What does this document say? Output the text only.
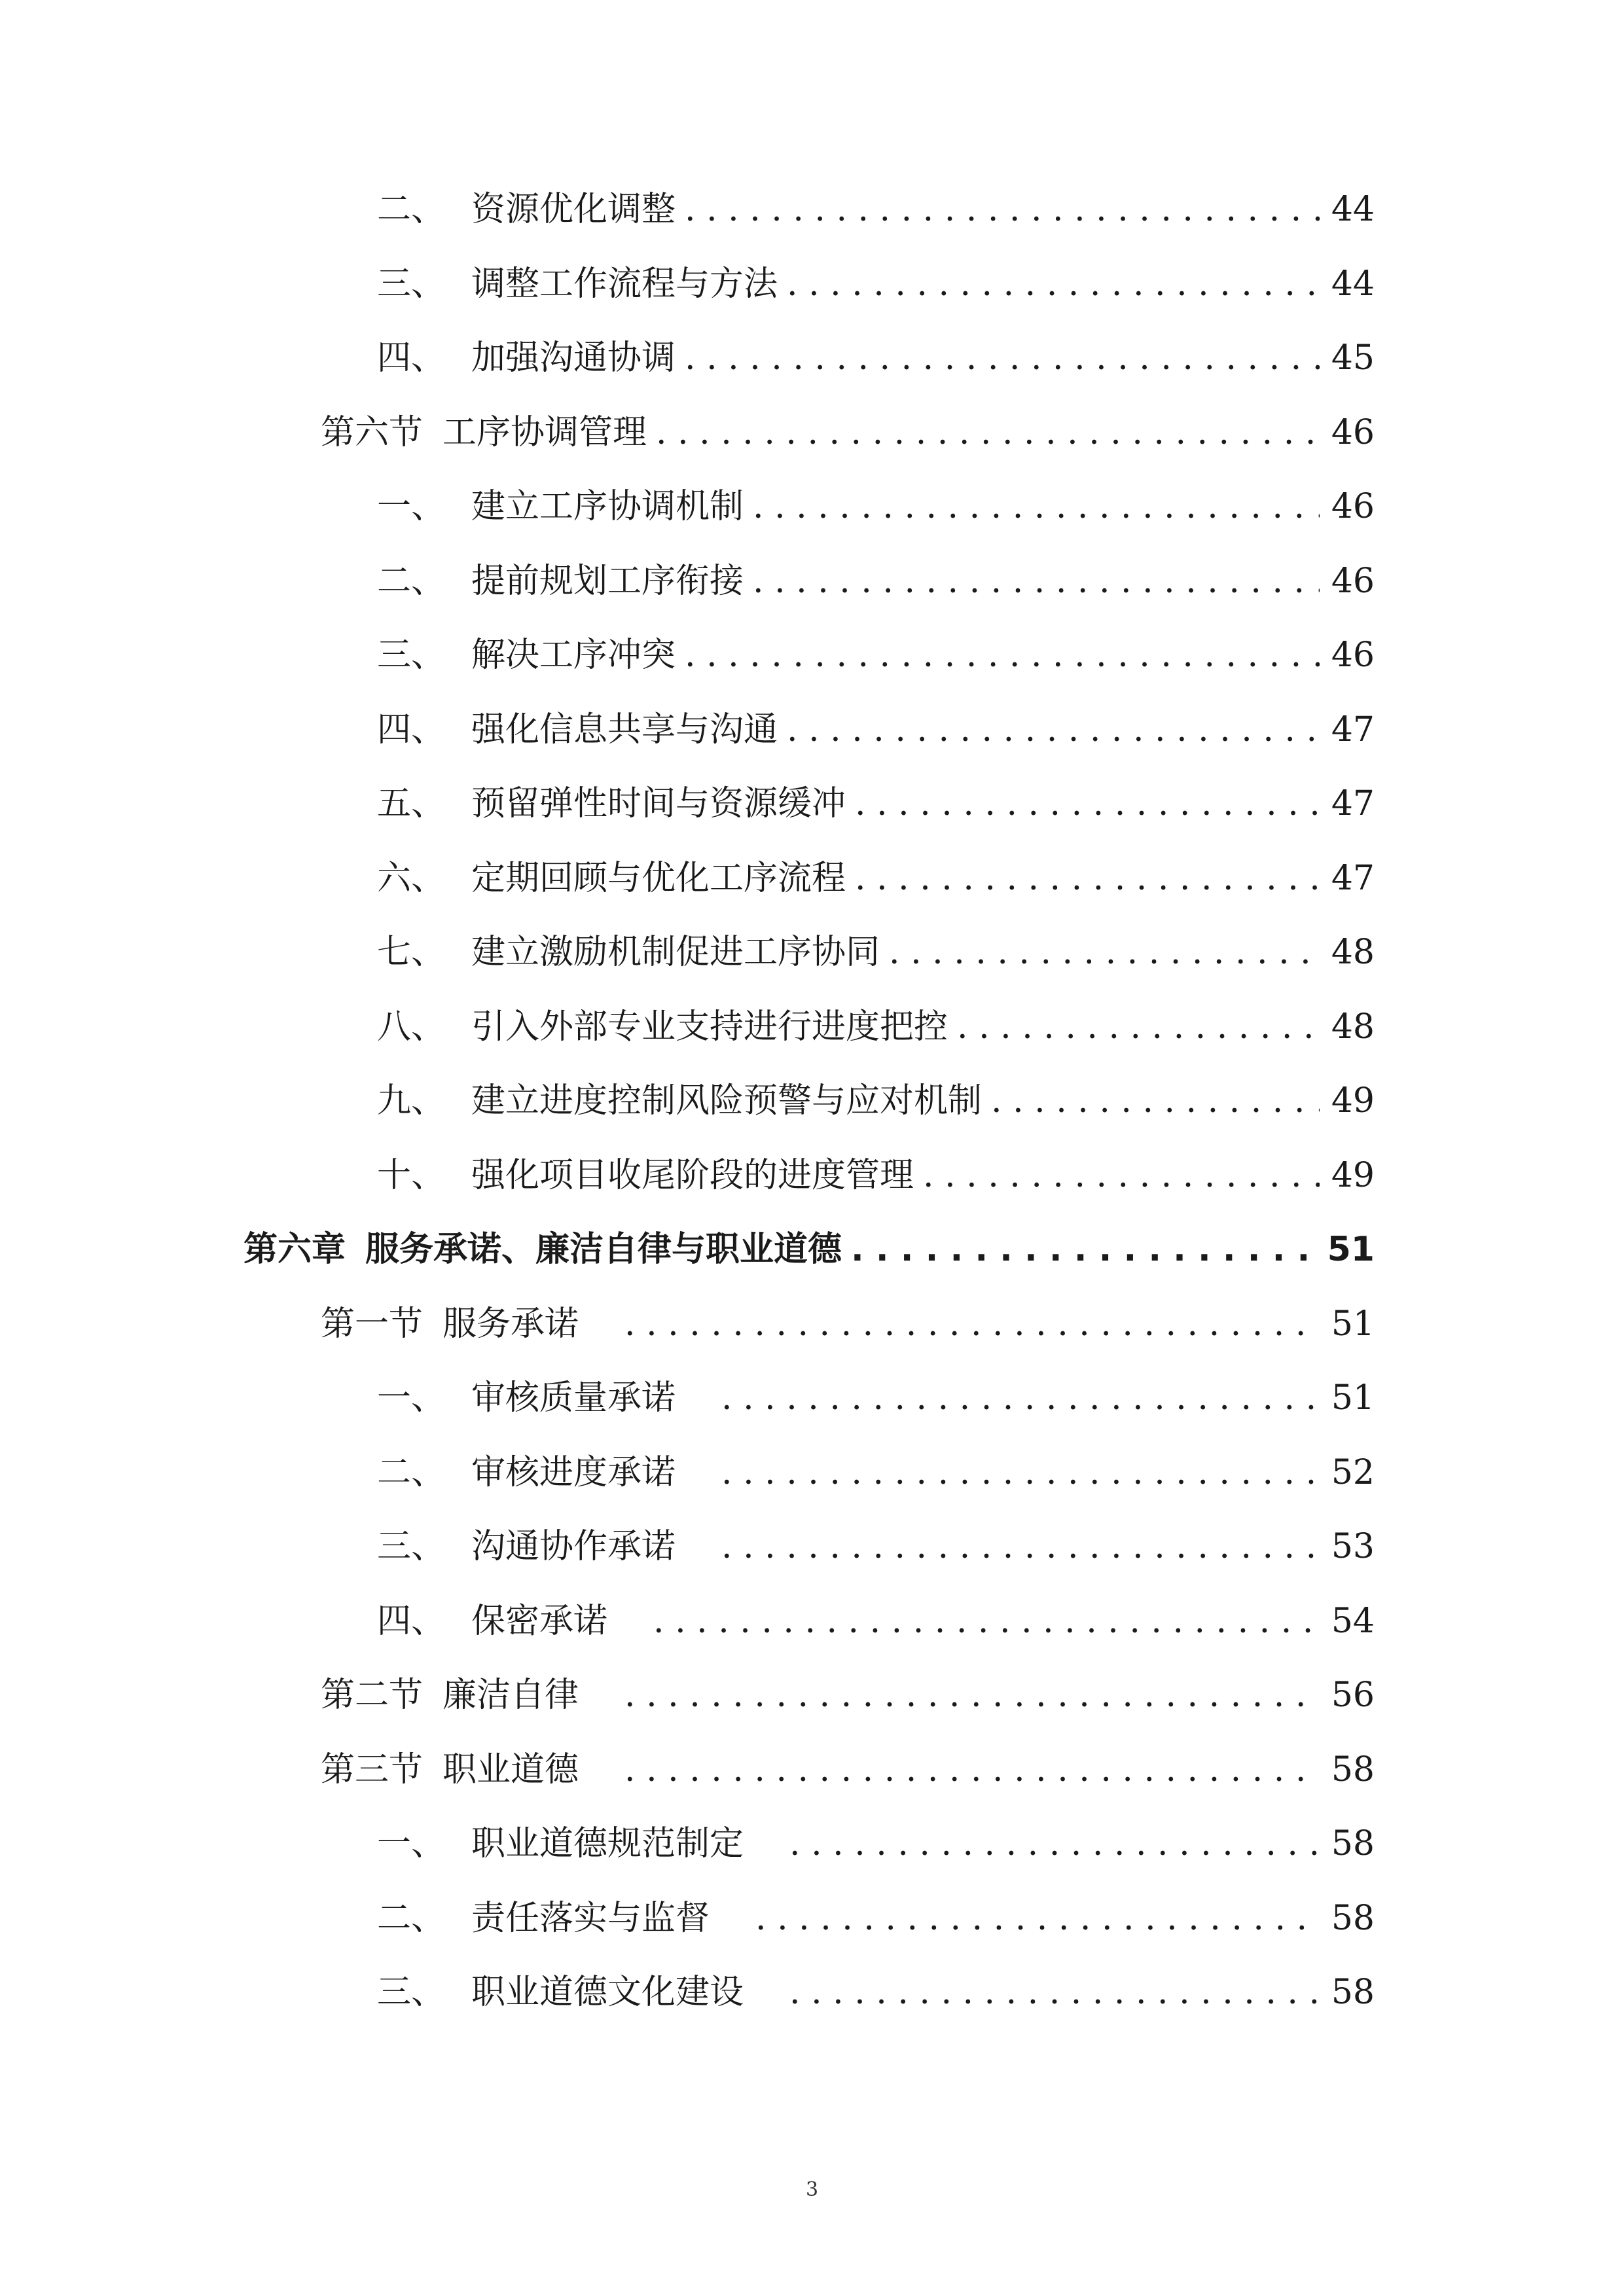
二、 资源优化调整 . . .	44
三、 调整工作流程与方法 . . .	44
四、 加强沟通协调 . . .	45
第六节 工序协调管理 . . .	46
一、 建立工序协调机制 . . .	46
二、 提前规划工序衔接 . . .	46
三、 解决工序冲突 . . .	46
四、 强化信息共享与沟通 . . .	47
五、 预留弹性时间与资源缓冲 . . .	47
六、 定期回顾与优化工序流程 . . .	47
七、 建立激励机制促进工序协同 . . .	48
八、 引入外部专业支持进行进度把控 . . .	48
九、 建立进度控制风险预警与应对机制 . . .	49
十、 强化项目收尾阶段的进度管理 . . .	49
第六章 服务承诺、廉洁自律与职业道德 . . .	51
第一节 服务承诺 . . .	51
一、 审核质量承诺 . . .	51
二、 审核进度承诺 . . .	52
三、 沟通协作承诺 . . .	53
四、 保密承诺 . . .	54
第二节 廉洁自律 . . .	56
第三节 职业道德 . . .	58
一、 职业道德规范制定 . . .	58
二、 责任落实与监督 . . .	58
三、 职业道德文化建设 . . .	58
3
